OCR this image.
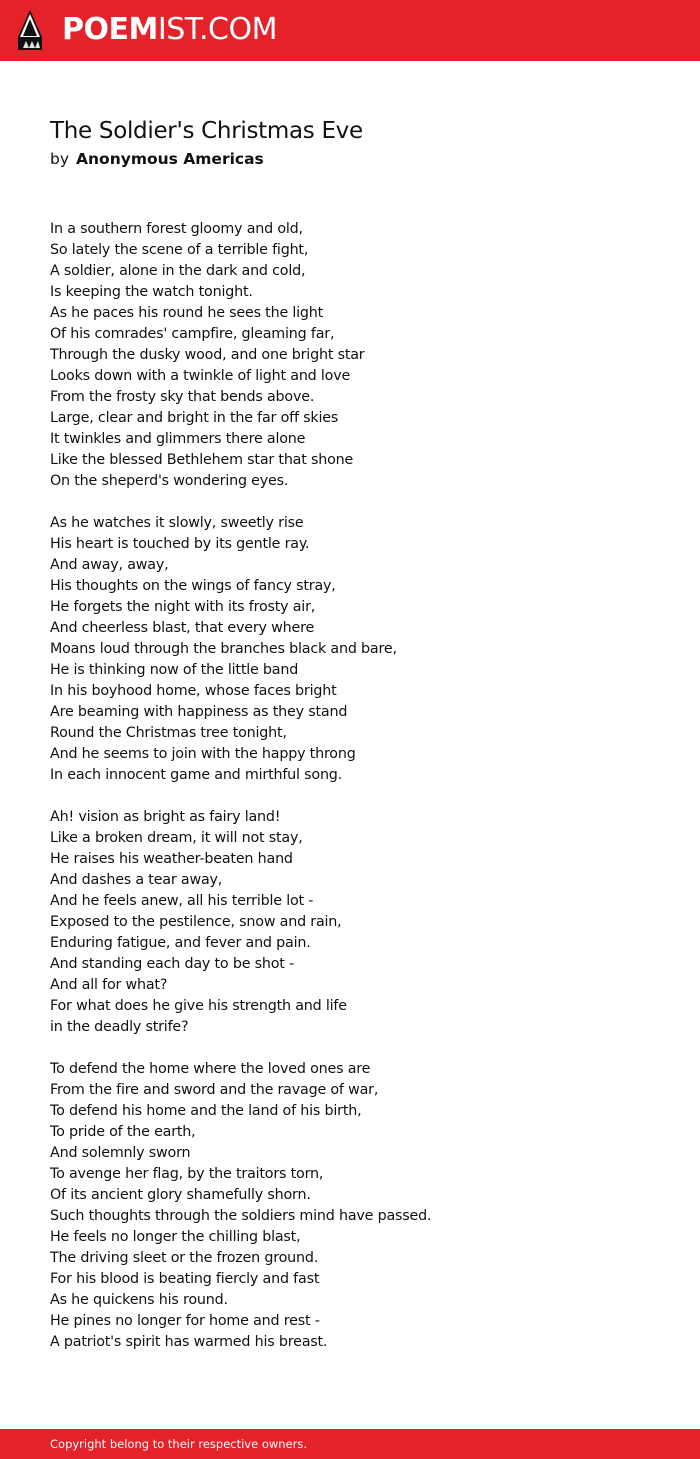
POEMIST.COM
The Soldier's Christmas Eve
by Anonymous Americas
In a southern forest gloomy and old,
So lately the scene of a terrible fight,
A soldier, alone in the dark and cold,
Is keeping the watch tonight.
As he paces his round he sees the light
Of his comrades' campfire, gleaming far,
Through the dusky wood, and one bright star
Looks down with a twinkle of light and love
From the frosty sky that bends above.
Large, clear and bright in the far off skies
It twinkles and glimmers there alone
Like the blessed Bethlehem star that shone
On the sheperd's wondering eyes.
As he watches it slowly, sweetly rise
His heart is touched by its gentle ray.
And away, away,
His thoughts on the wings of fancy stray,
He forgets the night with its frosty air,
And cheerless blast, that every where
Moans loud through the branches black and bare,
He is thinking now of the little band
In his boyhood home, whose faces bright
Are beaming with happiness as they stand
Round the Christmas tree tonight,
And he seems to join with the happy throng
In each innocent game and mirthful song.
Ah! vision as bright as fairy land!
Like a broken dream, it will not stay,
He raises his weather-beaten hand
And dashes a tear away,
And he feels anew, all his terrible lot -
Exposed to the pestilence, snow and rain,
Enduring fatigue, and fever and pain.
And standing each day to be shot -
And all for what?
For what does he give his strength and life
in the deadly strife?
To defend the home where the loved ones are
From the fire and sword and the ravage of war,
To defend his home and the land of his birth,
To pride of the earth,
And solemnly sworn
To avenge her flag, by the traitors torn,
Of its ancient glory shamefully shorn.
Such thoughts through the soldiers mind have passed.
He feels no longer the chilling blast,
The driving sleet or the frozen ground.
For his blood is beating fiercly and fast
As he quickens his round.
He pines no longer for home and rest -
A patriot's spirit has warmed his breast.
Copyright belong to their respective owners.
